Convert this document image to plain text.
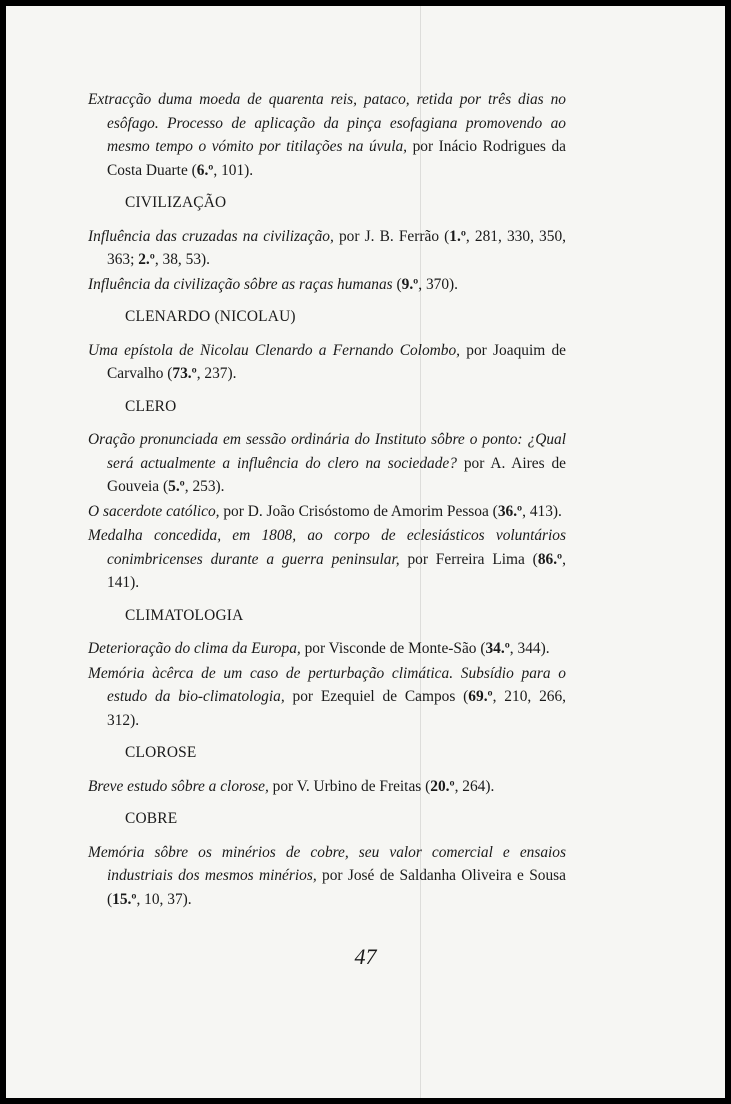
Extracção duma moeda de quarenta reis, pataco, retida por três dias no esôfago. Processo de aplicação da pinça esofagiana promovendo ao mesmo tempo o vómito por titilações na úvula, por Inácio Rodrigues da Costa Duarte (6.º, 101).

CIVILIZAÇÃO

Influência das cruzadas na civilização, por J. B. Ferrão (1.º, 281, 330, 350, 363; 2.º, 38, 53).

Influência da civilização sôbre as raças humanas (9.º, 370).

CLENARDO (NICOLAU)

Uma epístola de Nicolau Clenardo a Fernando Colombo, por Joaquim de Carvalho (73.º, 237).

CLERO

Oração pronunciada em sessão ordinária do Instituto sôbre o ponto: ¿Qual será actualmente a influência do clero na sociedade? por A. Aires de Gouveia (5.º, 253).

O sacerdote católico, por D. João Crisóstomo de Amorim Pessoa (36.º, 413).

Medalha concedida, em 1808, ao corpo de eclesiásticos voluntários conimbricenses durante a guerra peninsular, por Ferreira Lima (86.º, 141).

CLIMATOLOGIA

Deterioração do clima da Europa, por Visconde de Monte-São (34.º, 344).

Memória àcêrca de um caso de perturbação climática. Subsídio para o estudo da bio-climatologia, por Ezequiel de Campos (69.º, 210, 266, 312).

CLOROSE

Breve estudo sôbre a clorose, por V. Urbino de Freitas (20.º, 264).

COBRE

Memória sôbre os minérios de cobre, seu valor comercial e ensaios industriais dos mesmos minérios, por José de Saldanha Oliveira e Sousa (15.º, 10, 37).

47
